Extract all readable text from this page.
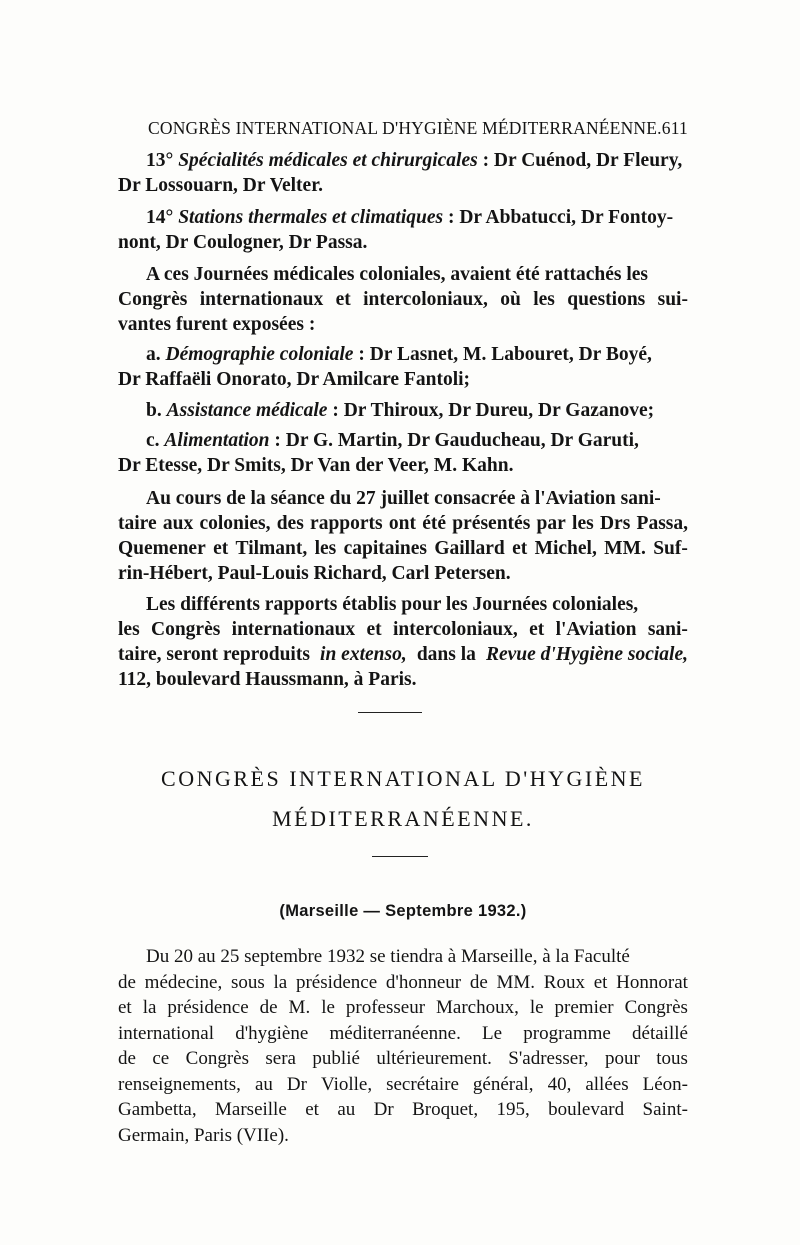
CONGRÈS INTERNATIONAL D'HYGIÈNE MÉDITERRANÉENNE. 611
13°
Spécialités médicales et chirurgicales
: Dr Cuénod, Dr Fleury,
Dr Lossouarn, Dr Velter.
14°
Stations thermales et climatiques
: Dr Abbatucci, Dr Fontoy-
nont, Dr Coulogner, Dr Passa.
A ces Journées médicales coloniales, avaient été rattachés les
Congrès internationaux et intercoloniaux, où les questions sui-
vantes furent exposées :
a.
Démographie coloniale
: Dr Lasnet, M. Labouret, Dr Boyé,
Dr Raffaëli Onorato, Dr Amilcare Fantoli;
b.
Assistance médicale
: Dr Thiroux, Dr Dureu, Dr Gazanove;
c.
Alimentation
: Dr G. Martin, Dr Gauducheau, Dr Garuti,
Dr Etesse, Dr Smits, Dr Van der Veer, M. Kahn.
Au cours de la séance du 27 juillet consacrée à l'Aviation sani-
taire aux colonies, des rapports ont été présentés par les Drs Passa,
Quemener et Tilmant, les capitaines Gaillard et Michel, MM. Suf-
rin-Hébert, Paul-Louis Richard, Carl Petersen.
Les différents rapports établis pour les Journées coloniales,
les Congrès internationaux et intercoloniaux, et l'Aviation sani-
taire, seront reproduits in extenso, dans la Revue d'Hygiène sociale,
112, boulevard Haussmann, à Paris.
CONGRÈS INTERNATIONAL D'HYGIÈNE
MÉDITERRANÉENNE.
(Marseille — Septembre 1932.)
Du 20 au 25 septembre 1932 se tiendra à Marseille, à la Faculté
de médecine, sous la présidence d'honneur de MM. Roux et Honnorat
et la présidence de M. le professeur Marchoux, le premier Congrès
international d'hygiène méditerranéenne. Le programme détaillé
de ce Congrès sera publié ultérieurement. S'adresser, pour tous
renseignements, au Dr Violle, secrétaire général, 40, allées Léon-
Gambetta, Marseille et au Dr Broquet, 195, boulevard Saint-
Germain, Paris (VIIe).
